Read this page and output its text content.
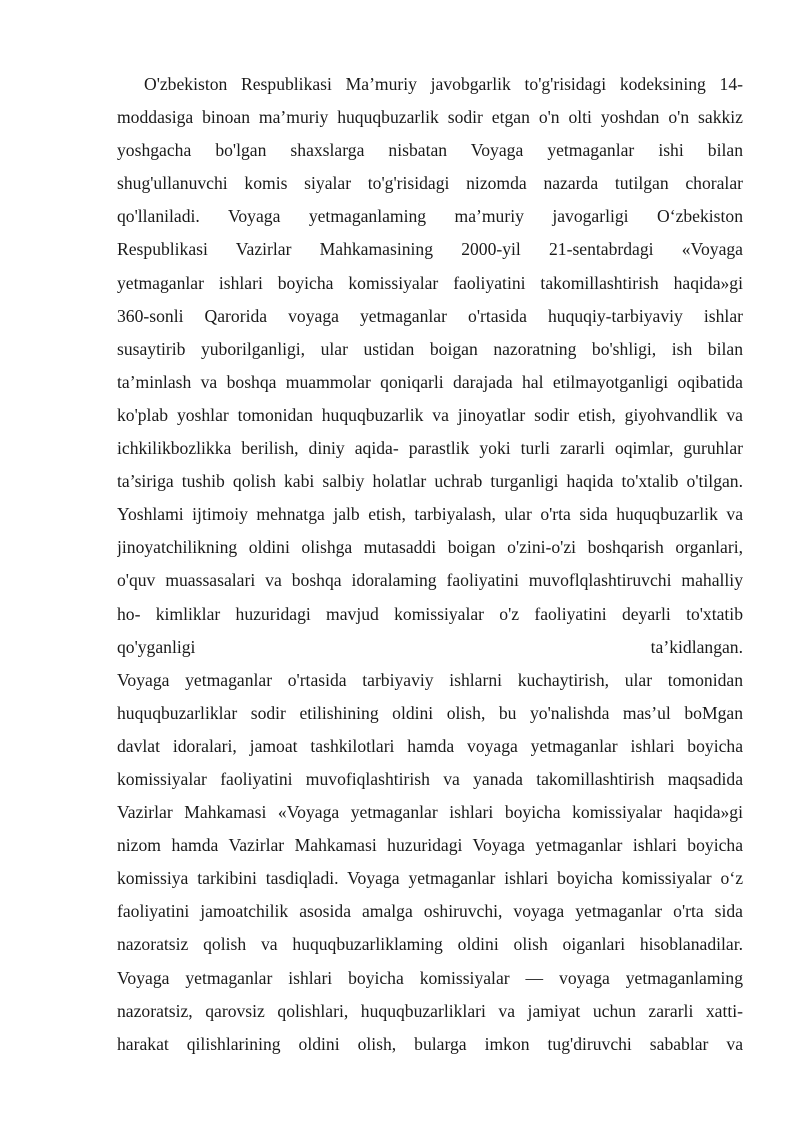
O'zbekiston Respublikasi Ma’muriy javobgarlik to'g'risidagi kodeksining 14-
moddasiga binoan ma’muriy huquqbuzarlik sodir etgan o'n olti yoshdan o'n sakkiz
yoshgacha bo'lgan shaxslarga nisbatan Voyaga yetmaganlar ishi bilan
shug'ullanuvchi komis siyalar to'g'risidagi nizomda nazarda tutilgan choralar
qo'llaniladi. Voyaga yetmaganlaming ma’muriy javogarligi O‘zbekiston
Respublikasi Vazirlar Mahkamasining 2000-yil 21-sentabrdagi «Voyaga
yetmaganlar ishlari boyicha komissiyalar faoliyatini takomillashtirish haqida»gi
360-sonli Qarorida voyaga yetmaganlar o'rtasida huquqiy-tarbiyaviy ishlar
susaytirib yuborilganligi, ular ustidan boigan nazoratning bo'shligi, ish bilan
ta’minlash va boshqa muammolar qoniqarli darajada hal etilmayotganligi oqibatida
ko'plab yoshlar tomonidan huquqbuzarlik va jinoyatlar sodir etish, giyohvandlik va
ichkilikbozlikka berilish, diniy aqida- parastlik yoki turli zararli oqimlar, guruhlar
ta’siriga tushib qolish kabi salbiy holatlar uchrab turganligi haqida to'xtalib o'tilgan.
Yoshlami ijtimoiy mehnatga jalb etish, tarbiyalash, ular o'rta sida huquqbuzarlik va
jinoyatchilikning oldini olishga mutasaddi boigan o'zini-o'zi boshqarish organlari,
o'quv muassasalari va boshqa idoralaming faoliyatini muvoflqlashtiruvchi mahalliy
ho- kimliklar huzuridagi mavjud komissiyalar o'z faoliyatini deyarli to'xtatib
qo'yganligi ta’kidlangan.
Voyaga yetmaganlar o'rtasida tarbiyaviy ishlarni kuchaytirish, ular tomonidan
huquqbuzarliklar sodir etilishining oldini olish, bu yo'nalishda mas’ul boMgan
davlat idoralari, jamoat tashkilotlari hamda voyaga yetmaganlar ishlari boyicha
komissiyalar faoliyatini muvofiqlashtirish va yanada takomillashtirish maqsadida
Vazirlar Mahkamasi «Voyaga yetmaganlar ishlari boyicha komissiyalar haqida»gi
nizom hamda Vazirlar Mahkamasi huzuridagi Voyaga yetmaganlar ishlari boyicha
komissiya tarkibini tasdiqladi. Voyaga yetmaganlar ishlari boyicha komissiyalar o‘z
faoliyatini jamoatchilik asosida amalga oshiruvchi, voyaga yetmaganlar o'rta sida
nazoratsiz qolish va huquqbuzarliklaming oldini olish oiganlari hisoblanadilar.
Voyaga yetmaganlar ishlari boyicha komissiyalar — voyaga yetmaganlaming
nazoratsiz, qarovsiz qolishlari, huquqbuzarliklari va jamiyat uchun zararli xatti-
harakat qilishlarining oldini olish, bularga imkon tug'diruvchi sabablar va
